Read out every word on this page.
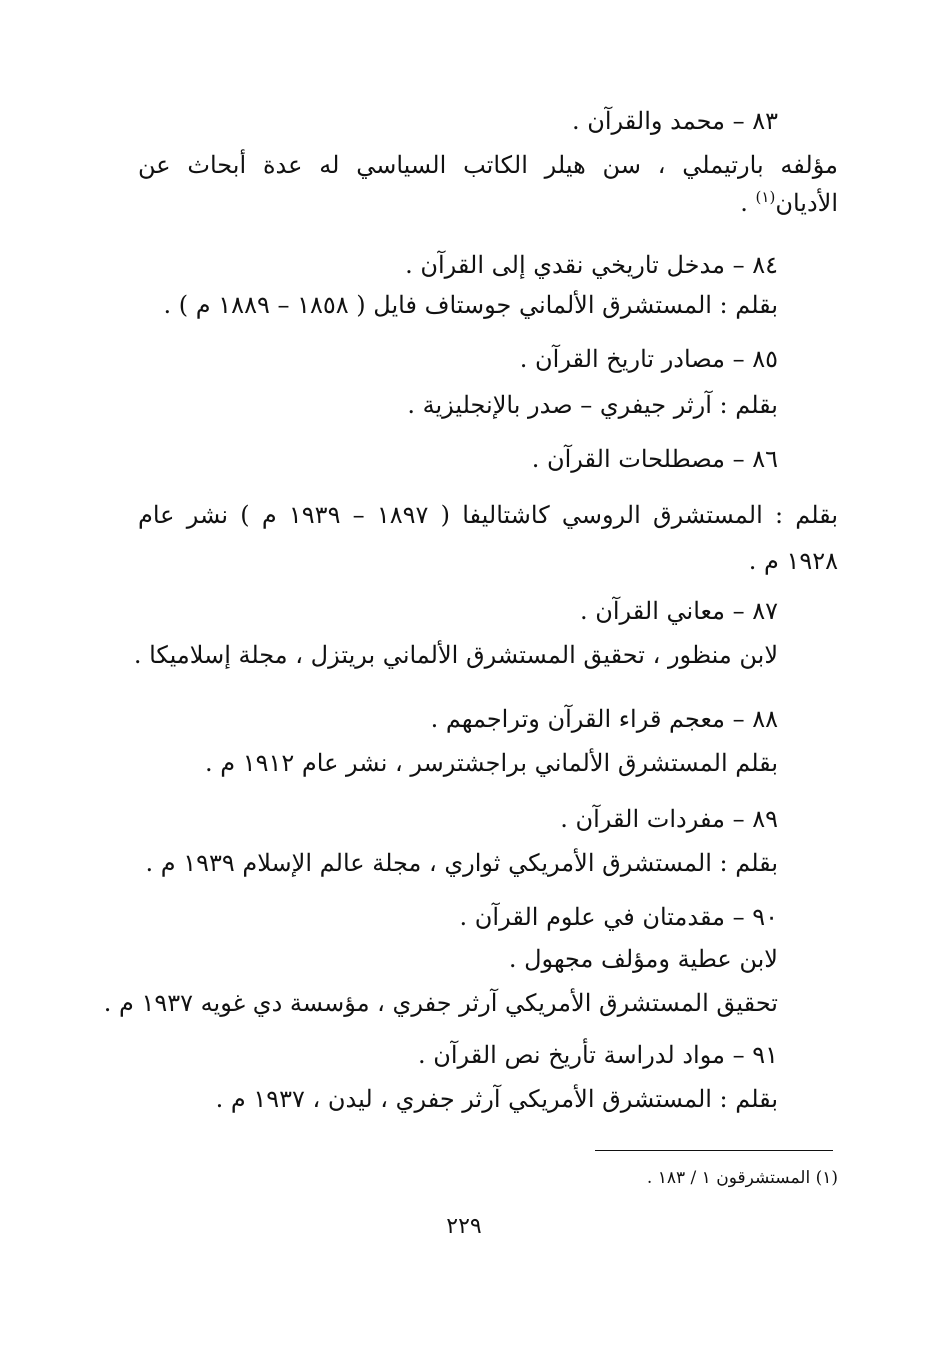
٨٣ – محمد والقرآن .
مؤلفه بارتيملي ، سن هيلر الكاتب السياسي له عدة أبحاث عن
الأديان$^{(١)}$ .
٨٤ – مدخل تاريخي نقدي إلى القرآن .
بقلم : المستشرق الألماني جوستاف فايل ( ١٨٥٨ – ١٨٨٩ م ) .
٨٥ – مصادر تاريخ القرآن .
بقلم : آرثر جيفري – صدر بالإنجليزية .
٨٦ – مصطلحات القرآن .
بقلم : المستشرق الروسي كاشتاليفا ( ١٨٩٧ – ١٩٣٩ م ) نشر عام
١٩٢٨ م .
٨٧ – معاني القرآن .
لابن منظور ، تحقيق المستشرق الألماني بريتزل ، مجلة إسلاميكا .
٨٨ – معجم قراء القرآن وتراجمهم .
بقلم المستشرق الألماني براجشترسر ، نشر عام ١٩١٢ م .
٨٩ – مفردات القرآن .
بقلم : المستشرق الأمريكي ثواري ، مجلة عالم الإسلام ١٩٣٩ م .
٩٠ – مقدمتان في علوم القرآن .
لابن عطية ومؤلف مجهول .
تحقيق المستشرق الأمريكي آرثر جفري ، مؤسسة دي غويه ١٩٣٧ م .
٩١ – مواد لدراسة تأريخ نص القرآن .
بقلم : المستشرق الأمريكي آرثر جفري ، ليدن ، ١٩٣٧ م .
(١) المستشرقون ١ / ١٨٣ .
٢٢٩
